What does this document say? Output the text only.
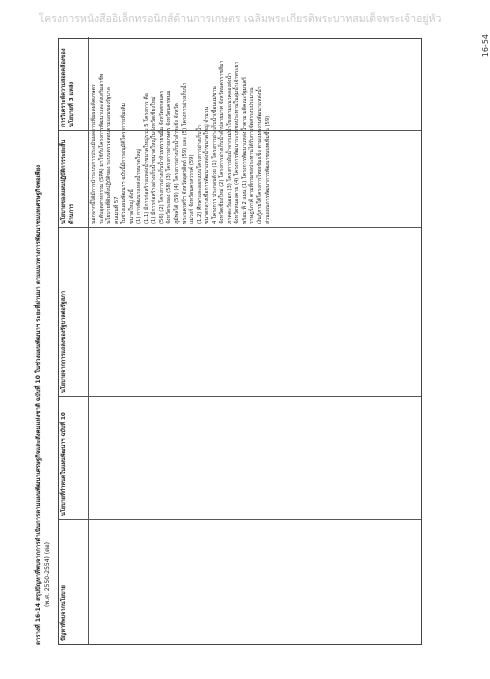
โครงการหนังสืออิเล็กทรอนิกส์ด้านการเกษตร เฉลิมพระเกียรติพระบาทสมเด็จพระเจ้าอยู่หัว
16-54
ตารางที่ 16-14 สรุปปัญหาที่พบจากการดำเนินการตามแผนพัฒนาเศรษฐกิจและสังคมแห่งชาติ ฉบับที่ 10 ในช่วงแผนพัฒนาฯ ระยะที่ผ่านมา ตามแนวทางการพัฒนาชนบทเศรษฐกิจพอเพียง (พ.ศ. 2550-2554) (ต่อ)
ปัญหาที่พบจากนโยบาย
นโยบายที่กำหนดในแผนพัฒนาฯ ฉบับที่ 10
นโยบายจากการแถลงของรัฐบาลต่อรัฐสภา
นโยบายของแผนปฏิบัติการระยะสั้นด้านการ	นอกจากนี้ได้มีการนำระบบการประเมินผลการเพิ่มผลผลิตเกษตร ระดับอุตสาหกรรม (SPA) มาใช้กับโครงการพัฒนาและส่งเสริมอาชีพ นโยบายที่ดินทั้งปฏิบัติของ ระบบตรวจสอบตามแผนของรัฐบาล คนเมนที่ 57 ในช่วงแผนพัฒนาฯ ฉบับนี้มีการอนุมัติโครงการเพิ่มเติม ขนาดใหญ่ ดังนี้ (1) การพัฒนาแหล่งน้ำขนาดใหญ่ (1.1) มีการก่อสร้างแหล่งน้ำขนาดใหญ่รวม 5 โครงการ คือ (1) มีการก่อสร้างอ่างเก็บน้ำขนาดใหญ่ในจังหวัดเชียงใหม่ (56) (2) โครงการอ่างเก็บน้ำห้วยทรายขมิ้น จังหวัดสกลนคร จังหวัดระยอง (58) (3) โครงการฝายเกษตร จังหวัดนครพนม ภูมิพลได้ (59) (4) โครงการอ่างเก็บน้ำลำพะยัง จังหวัด พระนครศรีฯ จังหวัดอุตรดิตถ์ (59) และ (5) โครงการอ่างเก็บน้ำ แม่วงก์ จังหวัดนครสวรรค์ (59) (1.2) ศึกษาและออกแบบโครงการอ่างเก็บน้ำ ขนาดกลางเพื่อการพัฒนาแหล่งน้ำขนาดใหญ่ จำนวน 4 โครงการ ประกอบด้วย (1) โครงการอ่างเก็บน้ำเขื่อนแม่ขาน จังหวัดเชียงใหม่ (2) โครงการอ่างเก็บน้ำลำปลายมาศ จังหวัดนครราชสีมา ภาคตะวันออก (3) โครงการผันน้ำจากแม่น้ำโขงตามแนวคลองส่งน้ำ จังหวัดหนองคาย (4) โครงการพัฒนาระบบชลประทานในลุ่มน้ำเจ้าพระยา พร้อม ที่ 2 แผน (1) โครงการพัฒนาแหล่งน้ำตาม มติคณะรัฐมนตรี ราษฎร์ภาคี ตามที่กรมชลประทานได้รับการจัดสรรงบประมาณ เงินกู้ภายใต้โครงการไทยเข้มแข็ง ตามแผนงานพัฒนาแหล่งน้ำ ส่วนแผนการพัฒนาการพัฒนาชนบทเพิ่มขึ้น (59)
การวิเคราะห์ความสอดคล้องของ นโยบายที่ 3 แหล่ง
